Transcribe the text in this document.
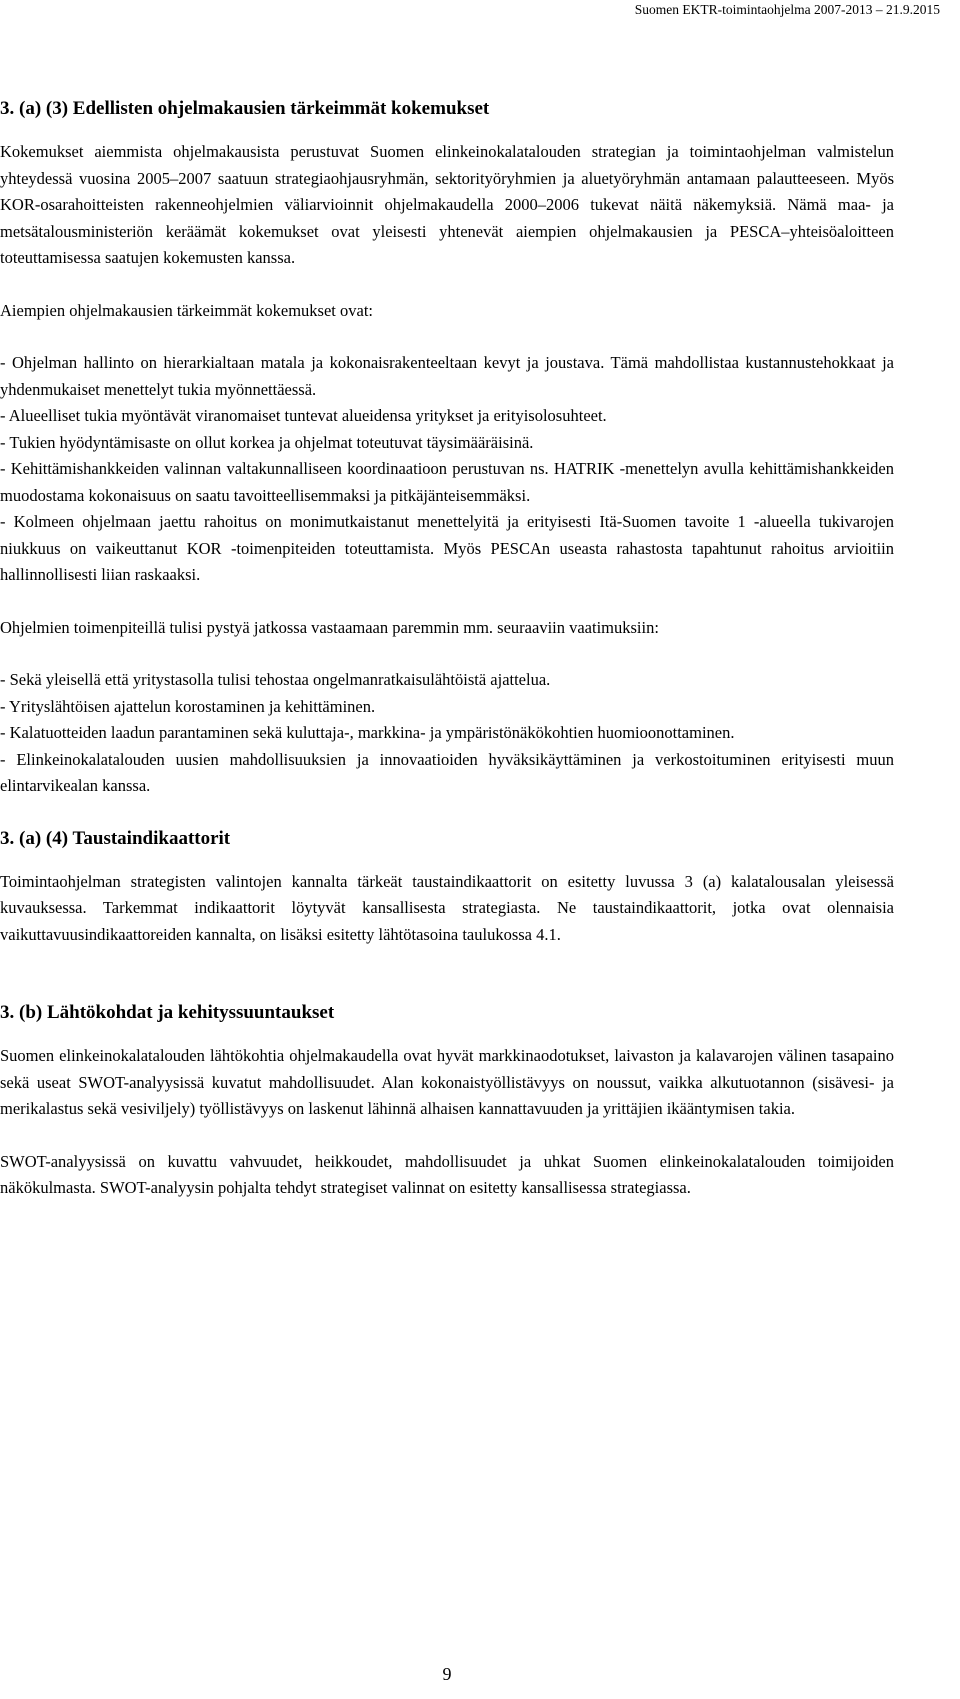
Suomen EKTR-toimintaohjelma 2007-2013 – 21.9.2015
3. (a) (3) Edellisten ohjelmakausien tärkeimmät kokemukset

Kokemukset aiemmista ohjelmakausista perustuvat Suomen elinkeinokalatalouden strategian ja toimintaohjelman valmistelun yhteydessä vuosina 2005–2007 saatuun strategiaohjausryhmän, sektorityöryhmien ja aluetyöryhmän antamaan palautteeseen. Myös KOR-osarahoitteisten rakenneohjelmien väliarvioinnit ohjelmakaudella 2000–2006 tukevat näitä näkemyksiä. Nämä maa- ja metsätalousministeriön keräämät kokemukset ovat yleisesti yhtenevät aiempien ohjelmakausien ja PESCA–yhteisöaloitteen toteuttamisessa saatujen kokemusten kanssa.

Aiempien ohjelmakausien tärkeimmät kokemukset ovat:

- Ohjelman hallinto on hierarkialtaan matala ja kokonaisrakenteeltaan kevyt ja joustava. Tämä mahdollistaa kustannustehokkaat ja yhdenmukaiset menettelyt tukia myönnettäessä.

- Alueelliset tukia myöntävät viranomaiset tuntevat alueidensa yritykset ja erityisolosuhteet.

- Tukien hyödyntämisaste on ollut korkea ja ohjelmat toteutuvat täysimääräisinä.

- Kehittämishankkeiden valinnan valtakunnalliseen koordinaatioon perustuvan ns. HATRIK -menettelyn avulla kehittämishankkeiden muodostama kokonaisuus on saatu tavoitteellisemmaksi ja pitkäjänteisemmäksi.

- Kolmeen ohjelmaan jaettu rahoitus on monimutkaistanut menettelyitä ja erityisesti Itä-Suomen tavoite 1 -alueella tukivarojen niukkuus on vaikeuttanut KOR -toimenpiteiden toteuttamista. Myös PESCAn useasta rahastosta tapahtunut rahoitus arvioitiin hallinnollisesti liian raskaaksi.

Ohjelmien toimenpiteillä tulisi pystyä jatkossa vastaamaan paremmin mm. seuraaviin vaatimuksiin:

- Sekä yleisellä että yritystasolla tulisi tehostaa ongelmanratkaisulähtöistä ajattelua.

- Yrityslähtöisen ajattelun korostaminen ja kehittäminen.

- Kalatuotteiden laadun parantaminen sekä kuluttaja-, markkina- ja ympäristönäkökohtien huomioonottaminen.

- Elinkeinokalatalouden uusien mahdollisuuksien ja innovaatioiden hyväksikäyttäminen ja verkostoituminen erityisesti muun elintarvikealan kanssa.

3. (a) (4) Taustaindikaattorit

Toimintaohjelman strategisten valintojen kannalta tärkeät taustaindikaattorit on esitetty luvussa 3 (a) kalatalousalan yleisessä kuvauksessa. Tarkemmat indikaattorit löytyvät kansallisesta strategiasta. Ne taustaindikaattorit, jotka ovat olennaisia vaikuttavuusindikaattoreiden kannalta, on lisäksi esitetty lähtötasoina taulukossa 4.1.

3. (b) Lähtökohdat ja kehityssuuntaukset

Suomen elinkeinokalatalouden lähtökohtia ohjelmakaudella ovat hyvät markkinaodotukset, laivaston ja kalavarojen välinen tasapaino sekä useat SWOT-analyysissä kuvatut mahdollisuudet. Alan kokonaistyöllistävyys on noussut, vaikka alkutuotannon (sisävesi- ja merikalastus sekä vesiviljely) työllistävyys on laskenut lähinnä alhaisen kannattavuuden ja yrittäjien ikääntymisen takia.

SWOT-analyysissä on kuvattu vahvuudet, heikkoudet, mahdollisuudet ja uhkat Suomen elinkeinokalatalouden toimijoiden näkökulmasta. SWOT-analyysin pohjalta tehdyt strategiset valinnat on esitetty kansallisessa strategiassa.

9
